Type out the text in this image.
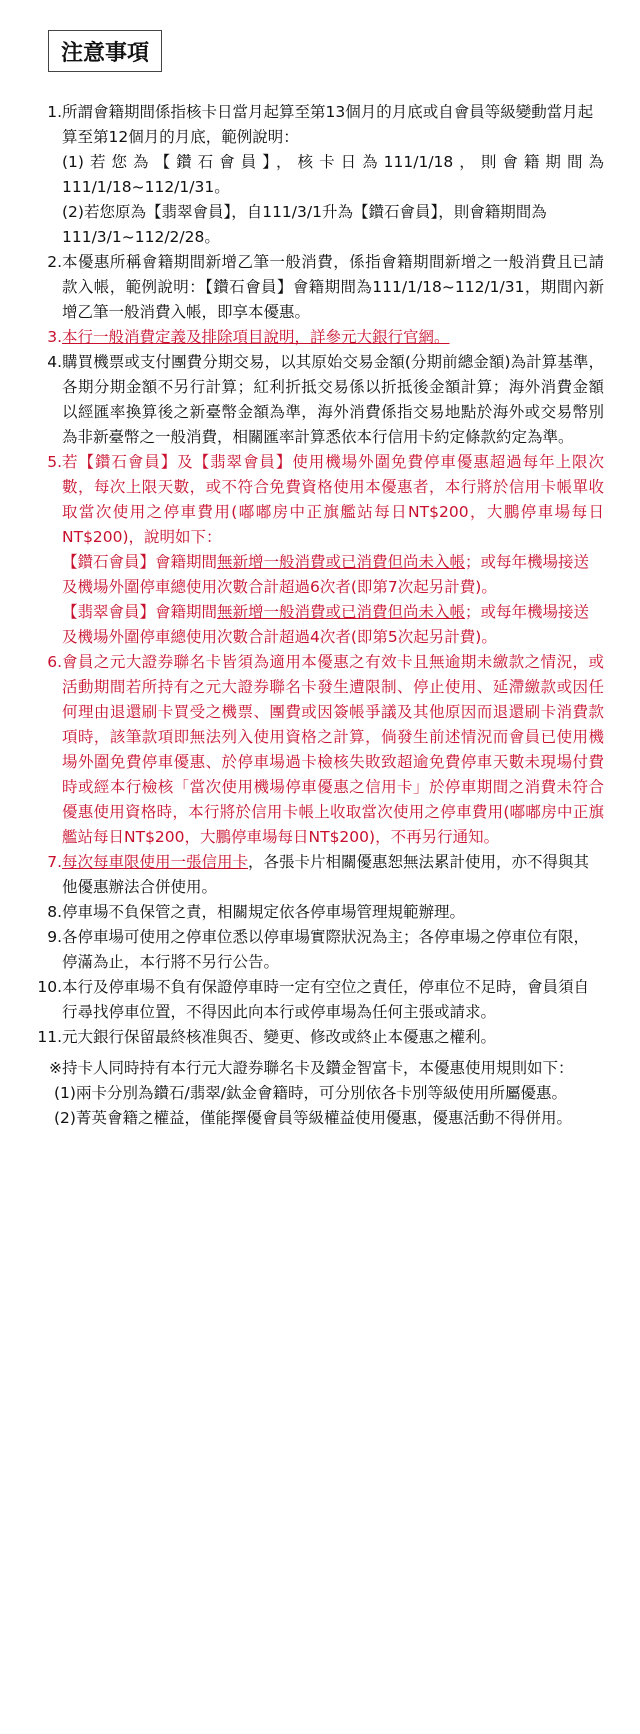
注意事項
1. 所謂會籍期間係指核卡日當月起算至第13個月的月底或自會員等級變動當月起算至第12個月的月底，範例說明：
(1)若您為【鑽石會員】，核卡日為111/1/18，則會籍期間為111/1/18~112/1/31。
(2)若您原為【翡翠會員】，自111/3/1升為【鑽石會員】，則會籍期間為111/3/1~112/2/28。
2. 本優惠所稱會籍期間新增乙筆一般消費，係指會籍期間新增之一般消費且已請款入帳，範例說明：【鑽石會員】會籍期間為111/1/18~112/1/31，期間內新增乙筆一般消費入帳，即享本優惠。
3. 本行一般消費定義及排除項目說明，詳參元大銀行官網。
4. 購買機票或支付團費分期交易，以其原始交易金額(分期前總金額)為計算基準，各期分期金額不另行計算；紅利折抵交易係以折抵後金額計算；海外消費金額以經匯率換算後之新臺幣金額為準，海外消費係指交易地點於海外或交易幣別為非新臺幣之一般消費，相關匯率計算悉依本行信用卡約定條款約定為準。
5. 若【鑽石會員】及【翡翠會員】使用機場外圍免費停車優惠超過每年上限次數，每次上限天數，或不符合免費資格使用本優惠者，本行將於信用卡帳單收取當次使用之停車費用(嘟嘟房中正旗艦站每日NT$200，大鵬停車場每日NT$200)，說明如下：
【鑽石會員】會籍期間無新增一般消費或已消費但尚未入帳；或每年機場接送及機場外圍停車總使用次數合計超過6次者(即第7次起另計費)。
【翡翠會員】會籍期間無新增一般消費或已消費但尚未入帳；或每年機場接送及機場外圍停車總使用次數合計超過4次者(即第5次起另計費)。
6. 會員之元大證券聯名卡皆須為適用本優惠之有效卡且無逾期未繳款之情況，或活動期間若所持有之元大證券聯名卡發生遭限制、停止使用、延滯繳款或因任何理由退還刷卡買受之機票、團費或因簽帳爭議及其他原因而退還刷卡消費款項時，該筆款項即無法列入使用資格之計算，倘發生前述情況而會員已使用機場外圍免費停車優惠、於停車場過卡檢核失敗致超逾免費停車天數未現場付費時或經本行檢核「當次使用機場停車優惠之信用卡」於停車期間之消費未符合優惠使用資格時，本行將於信用卡帳上收取當次使用之停車費用(嘟嘟房中正旗艦站每日NT$200，大鵬停車場每日NT$200)，不再另行通知。
7. 每次每車限使用一張信用卡，各張卡片相關優惠恕無法累計使用，亦不得與其他優惠辦法合併使用。
8. 停車場不負保管之責，相關規定依各停車場管理規範辦理。
9. 各停車場可使用之停車位悉以停車場實際狀況為主；各停車場之停車位有限，停滿為止，本行將不另行公告。
10. 本行及停車場不負有保證停車時一定有空位之責任，停車位不足時，會員須自行尋找停車位置，不得因此向本行或停車場為任何主張或請求。
11. 元大銀行保留最終核准與否、變更、修改或終止本優惠之權利。
※ 持卡人同時持有本行元大證券聯名卡及鑽金智富卡，本優惠使用規則如下：
(1) 兩卡分別為鑽石/翡翠/鈦金會籍時，可分別依各卡別等級使用所屬優惠。
(2) 菁英會籍之權益，僅能擇優會員等級權益使用優惠，優惠活動不得併用。
